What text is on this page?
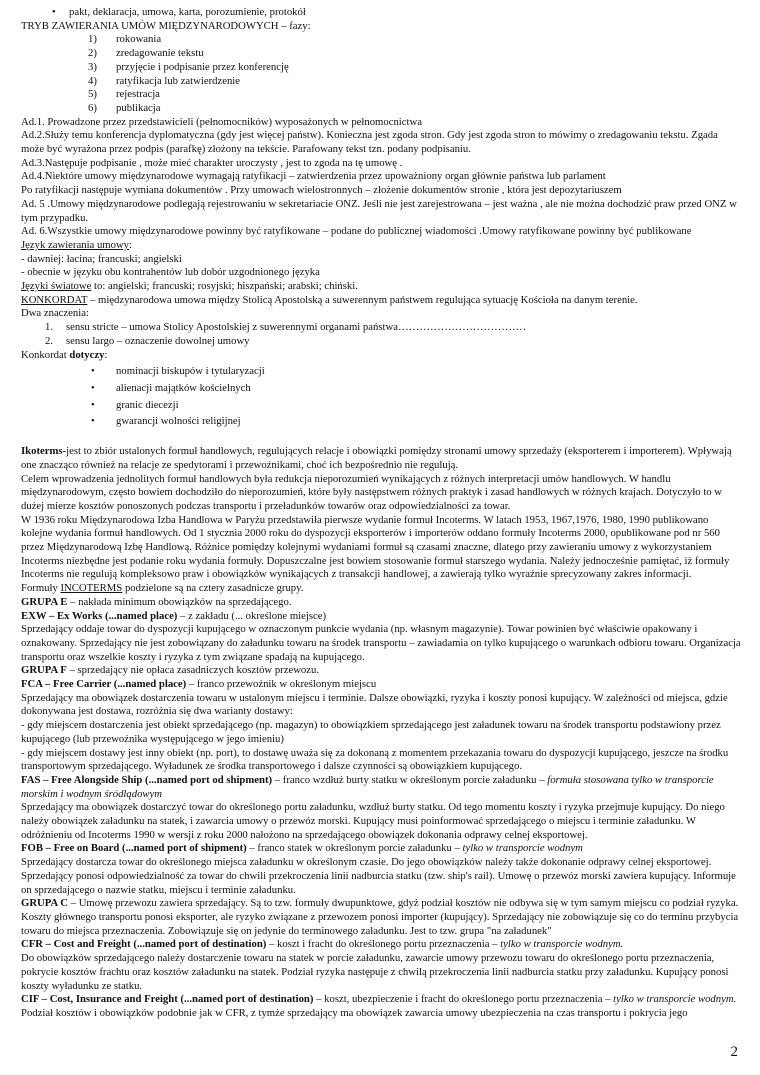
• pakt, deklaracja, umowa, karta, porozumienie, protokół

TRYB ZAWIERANIA UMÓW MIĘDZYNARODOWYCH – fazy:

1) rokowania

2) zredagowanie tekstu

3) przyjęcie i podpisanie przez konferencję

4) ratyfikacja lub zatwierdzenie

5) rejestracja

6) publikacja

Ad.1. Prowadzone przez przedstawicieli (pełnomocników) wyposażonych w pełnomocnictwa

Ad.2.Służy temu konferencja dyplomatyczna (gdy jest więcej państw). Konieczna jest zgoda stron. Gdy jest zgoda stron to mówimy o zredagowaniu tekstu. Zgada może być wyrażona przez podpis (parafkę) złożony na tekście. Parafowany tekst tzn. podany podpisaniu.

Ad.3.Następuje podpisanie , może mieć charakter uroczysty , jest to zgoda na tę umowę .

Ad.4.Niektóre umowy międzynarodowe wymagają ratyfikacji – zatwierdzenia przez upoważniony organ głównie państwa lub parlament

Po ratyfikacji następuje wymiana dokumentów . Przy umowach wielostronnych – złożenie dokumentów stronie , która jest depozytariuszem

Ad. 5 .Umowy międzynarodowe podlegają rejestrowaniu w sekretariacie ONZ. Jeśli nie jest zarejestrowana – jest ważna , ale nie można dochodzić praw przed ONZ w tym przypadku.

Ad. 6.Wszystkie umowy międzynarodowe powinny być ratyfikowane – podane do publicznej wiadomości .Umowy ratyfikowane powinny być publikowane

Język zawierania umowy:

- dawniej: łacina; francuski; angielski

- obecnie w języku obu kontrahentów lub dobór uzgodnionego języka

Języki światowe to: angielski; francuski; rosyjski; hiszpański; arabski; chiński.

KONKORDAT – międzynarodowa umowa między Stolicą Apostolską a suwerennym państwem regulująca sytuację Kościoła na danym terenie.

Dwa znaczenia:

1. sensu stricte – umowa Stolicy Apostolskiej z suwerennymi organami państwa………………………………

2. sensu largo – oznaczenie dowolnej umowy

Konkordat dotyczy:

• nominacji biskupów i tytularyzacji

• alienacji majątków kościelnych

• granic diecezji

• gwarancji wolności religijnej

Ikoterms-jest to zbiór ustalonych formuł handlowych, regulujących relacje i obowiązki pomiędzy stronami umowy sprzedaży (eksporterem i importerem). Wpływają one znacząco również na relacje ze spedytorami i przewoźnikami, choć ich bezpośrednio nie regulują.

Celem wprowadzenia jednolitych formuł handlowych była redukcja nieporozumień wynikających z różnych interpretacji umów handlowych. W handlu międzynarodowym, często bowiem dochodziło do nieporozumień, które były następstwem różnych praktyk i zasad handlowych w różnych krajach. Dotyczyło to w dużej mierze kosztów ponoszonych podczas transportu i przeładunków towarów oraz odpowiedzialności za towar.

W 1936 roku Międzynarodowa Izba Handlowa w Paryżu przedstawiła pierwsze wydanie formuł Incoterms. W latach 1953, 1967,1976, 1980, 1990 publikowano kolejne wydania formuł handlowych. Od 1 stycznia 2000 roku do dyspozycji eksporterów i importerów oddano formuły Incoterms 2000, opublikowane pod nr 560 przez Międzynarodową Izbę Handlową. Różnice pomiędzy kolejnymi wydaniami formuł są czasami znaczne, dlatego przy zawieraniu umowy z wykorzystaniem Incoterms niezbędne jest podanie roku wydania formuły. Dopuszczalne jest bowiem stosowanie formuł starszego wydania. Należy jednocześnie pamiętać, iż formuły Incoterms nie regulują kompleksowo praw i obowiązków wynikających z transakcji handlowej, a zawierają tylko wyraźnie sprecyzowany zakres informacji.

Formuły INCOTERMS podzielone są na cztery zasadnicze grupy.

GRUPA E – nakłada minimum obowiązków na sprzedającego.

EXW – Ex Works (...named place) – z zakładu (... określone miejsce)

Sprzedający oddaje towar do dyspozycji kupującego w oznaczonym punkcie wydania (np. własnym magazynie). Towar powinien być właściwie opakowany i oznakowany. Sprzedający nie jest zobowiązany do załadunku towaru na środek transportu – zawiadamia on tylko kupującego o warunkach odbioru towaru. Organizacja transportu oraz wszelkie koszty i ryzyka z tym związane spadają na kupującego.

GRUPA F – sprzedający nie opłaca zasadniczych kosztów przewozu.

FCA – Free Carrier (...named place) – franco przewoźnik w określonym miejscu

Sprzedający ma obowiązek dostarczenia towaru w ustalonym miejscu i terminie. Dalsze obowiązki, ryzyka i koszty ponosi kupujący. W zależności od miejsca, gdzie dokonywana jest dostawa, rozróżnia się dwa warianty dostawy:

- gdy miejscem dostarczenia jest obiekt sprzedającego (np. magazyn) to obowiązkiem sprzedającego jest załadunek towaru na środek transportu podstawiony przez kupującego (lub przewoźnika występującego w jego imieniu)

- gdy miejscem dostawy jest inny obiekt (np. port), to dostawę uważa się za dokonaną z momentem przekazania towaru do dyspozycji kupującego, jeszcze na środku transportowym sprzedającego. Wyładunek ze środka transportowego i dalsze czynności są obowiązkiem kupującego.

FAS – Free Alongside Ship (...named port od shipment) – franco wzdłuż burty statku w określonym porcie załadunku – formuła stosowana tylko w transporcie morskim i wodnym śródlądowym

Sprzedający ma obowiązek dostarczyć towar do określonego portu załadunku, wzdłuż burty statku. Od tego momentu koszty i ryzyka przejmuje kupujący. Do niego należy obowiązek załadunku na statek, i zawarcia umowy o przewóz morski. Kupujący musi poinformować sprzedającego o miejscu i terminie załadunku. W odróżnieniu od Incoterms 1990 w wersji z roku 2000 nałożono na sprzedającego obowiązek dokonania odprawy celnej eksportowej.

FOB – Free on Board (...named port of shipment) – franco statek w określonym porcie załadunku – tylko w transporcie wodnym

Sprzedający dostarcza towar do określonego miejsca załadunku w określonym czasie. Do jego obowiązków należy także dokonanie odprawy celnej eksportowej. Sprzedający ponosi odpowiedzialność za towar do chwili przekroczenia linii nadburcia statku (tzw. ship's rail). Umowę o przewóz morski zawiera kupujący. Informuje on sprzedającego o nazwie statku, miejscu i terminie załadunku.

GRUPA C – Umowę przewozu zawiera sprzedający. Są to tzw. formuły dwupunktowe, gdyż podział kosztów nie odbywa się w tym samym miejscu co podział ryzyka. Koszty głównego transportu ponosi eksporter, ale ryzyko związane z przewozem ponosi importer (kupujący). Sprzedający nie zobowiązuje się co do terminu przybycia towaru do miejsca przeznaczenia. Zobowiązuje się on jedynie do terminowego załadunku. Jest to tzw. grupa "na załadunek"

CFR – Cost and Freight (...named port of destination) – koszt i fracht do określonego portu przeznaczenia – tylko w transporcie wodnym.

Do obowiązków sprzedającego należy dostarczenie towaru na statek w porcie załadunku, zawarcie umowy przewozu towaru do określonego portu przeznaczenia, pokrycie kosztów frachtu oraz kosztów załadunku na statek. Podział ryzyka następuje z chwilą przekroczenia linii nadburcia statku przy załadunku. Kupujący ponosi koszty wyładunku ze statku.

CIF – Cost, Insurance and Freight (...named port of destination) – koszt, ubezpieczenie i fracht do określonego portu przeznaczenia – tylko w transporcie wodnym.

Podział kosztów i obowiązków podobnie jak w CFR, z tymże sprzedający ma obowiązek zawarcia umowy ubezpieczenia na czas transportu i pokrycia jego

2
